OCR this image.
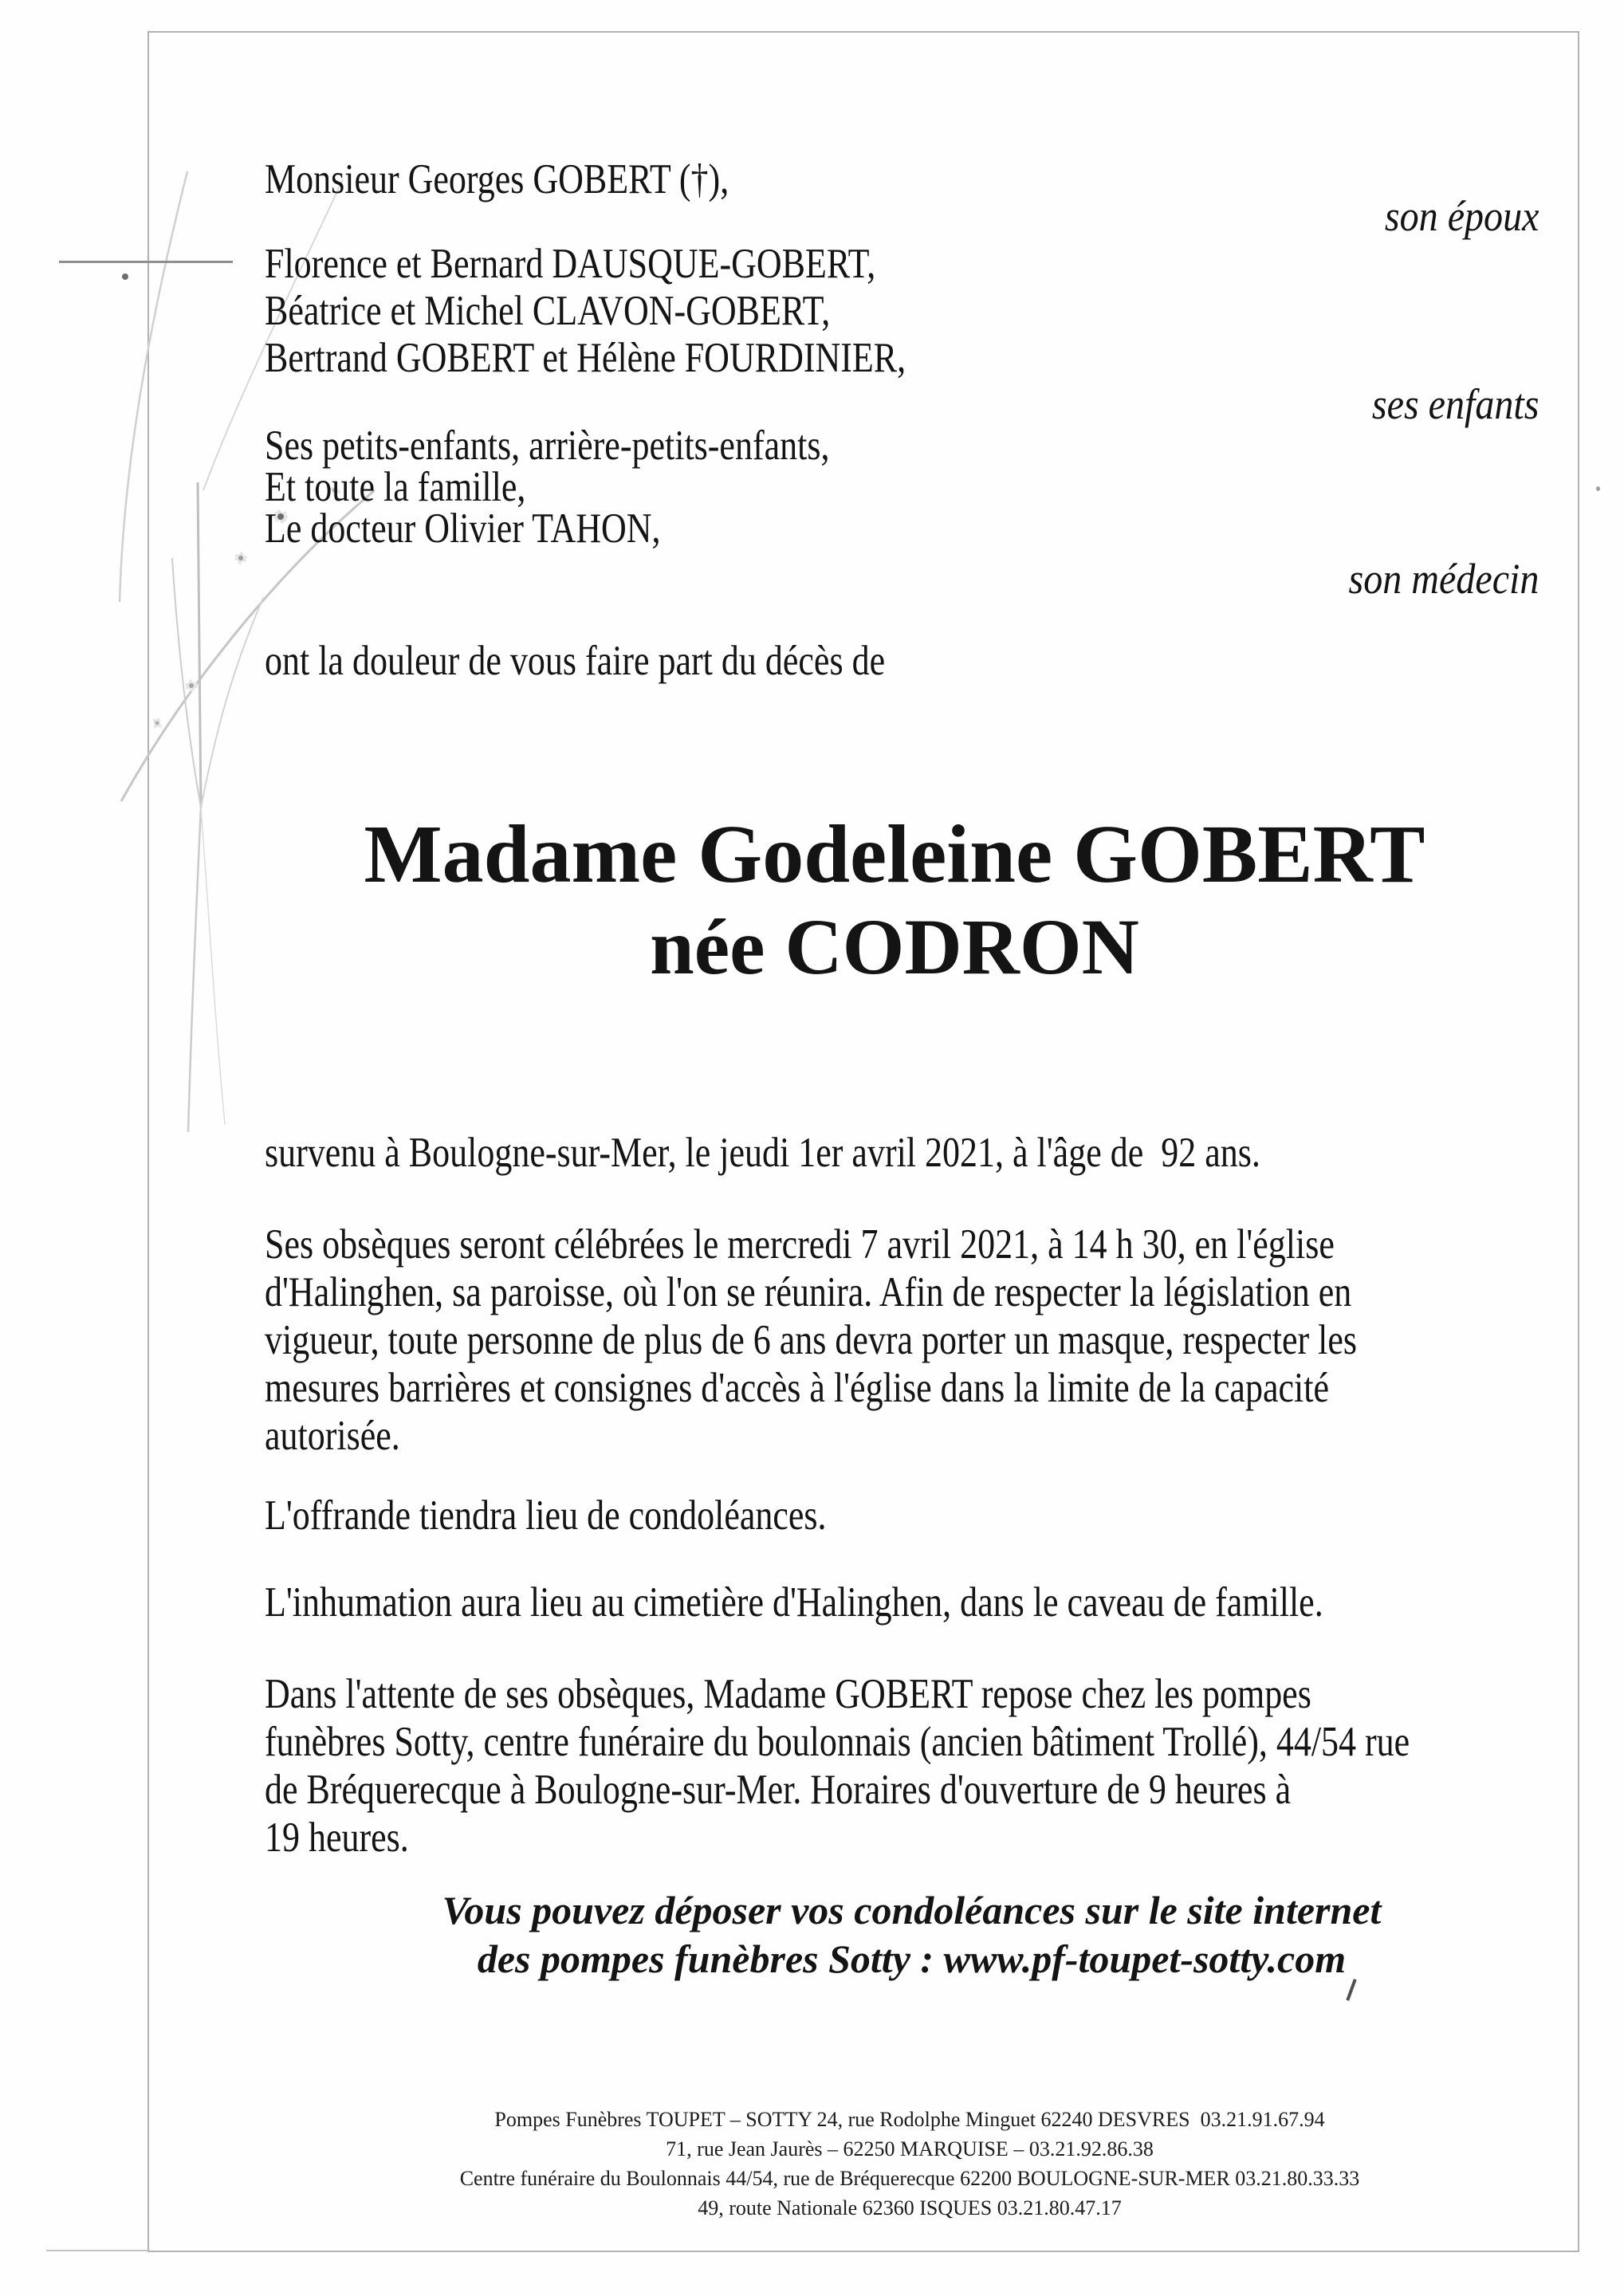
Monsieur Georges GOBERT (†),
son époux
Florence et Bernard DAUSQUE-GOBERT,
Béatrice et Michel CLAVON-GOBERT,
Bertrand GOBERT et Hélène FOURDINIER,
ses enfants
Ses petits-enfants, arrière-petits-enfants,
Et toute la famille,
Le docteur Olivier TAHON,
son médecin
ont la douleur de vous faire part du décès de
Madame Godeleine GOBERT
née CODRON
survenu à Boulogne-sur-Mer, le jeudi 1er avril 2021, à l'âge de  92 ans.
Ses obsèques seront célébrées le mercredi 7 avril 2021, à 14 h 30, en l'église
d'Halinghen, sa paroisse, où l'on se réunira. Afin de respecter la législation en
vigueur, toute personne de plus de 6 ans devra porter un masque, respecter les
mesures barrières et consignes d'accès à l'église dans la limite de la capacité
autorisée.
L'offrande tiendra lieu de condoléances.
L'inhumation aura lieu au cimetière d'Halinghen, dans le caveau de famille.
Dans l'attente de ses obsèques, Madame GOBERT repose chez les pompes
funèbres Sotty, centre funéraire du boulonnais (ancien bâtiment Trollé), 44/54 rue
de Bréquerecque à Boulogne-sur-Mer. Horaires d'ouverture de 9 heures à
19 heures.
Vous pouvez déposer vos condoléances sur le site internet
des pompes funèbres Sotty : www.pf-toupet-sotty.com
Pompes Funèbres TOUPET – SOTTY 24, rue Rodolphe Minguet 62240 DESVRES  03.21.91.67.94
71, rue Jean Jaurès – 62250 MARQUISE – 03.21.92.86.38
Centre funéraire du Boulonnais 44/54, rue de Bréquerecque 62200 BOULOGNE-SUR-MER 03.21.80.33.33
49, route Nationale 62360 ISQUES 03.21.80.47.17
